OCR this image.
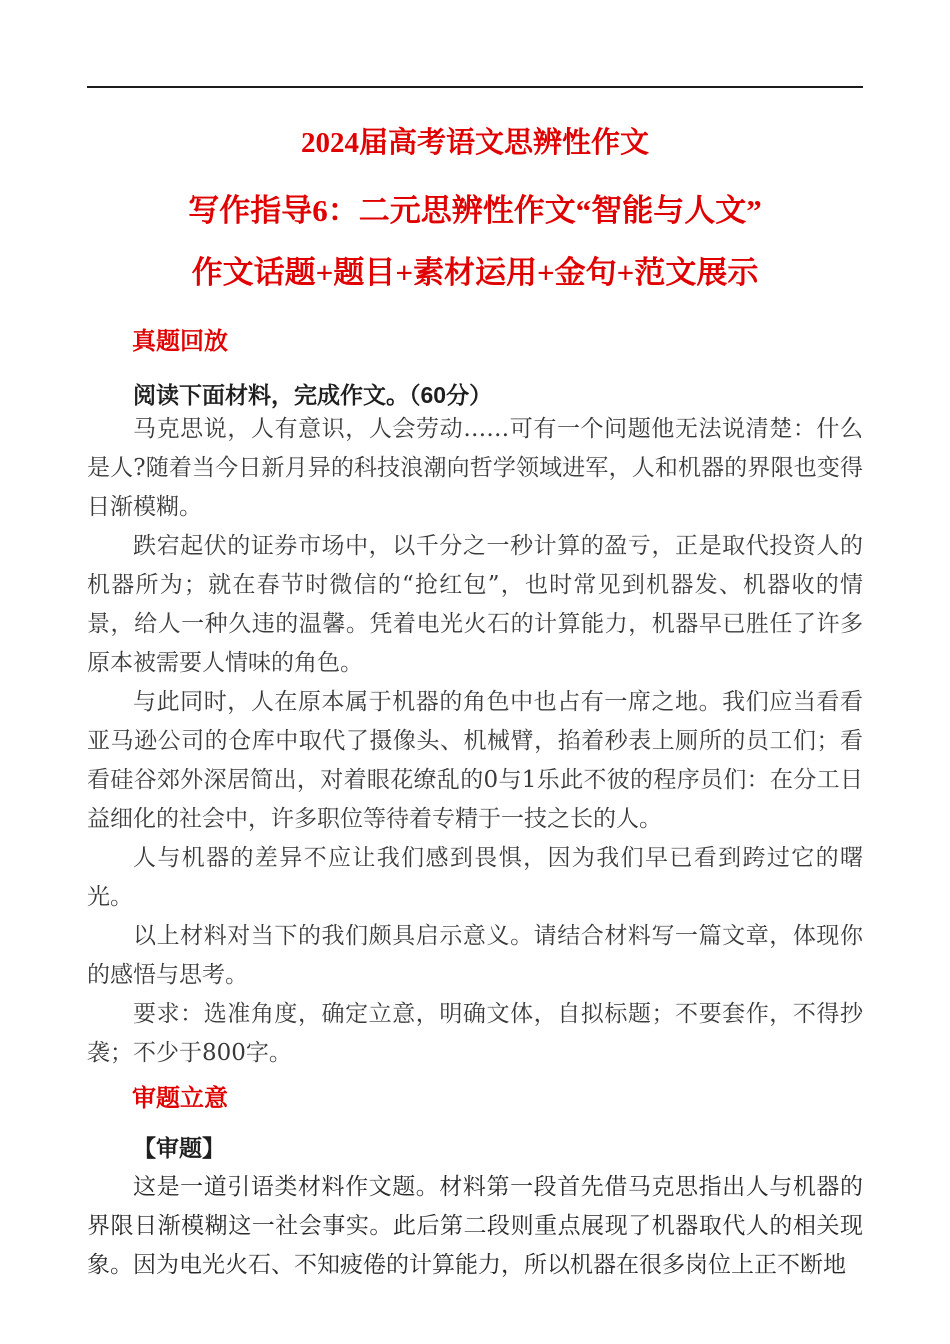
2024届高考语文思辨性作文
写作指导6：二元思辨性作文“智能与人文”
作文话题+题目+素材运用+金句+范文展示
真题回放

阅读下面材料，完成作文。（60分）

马克思说，人有意识，人会劳动……可有一个问题他无法说清楚：什么是人?随着当今日新月异的科技浪潮向哲学领域进军，人和机器的界限也变得日渐模糊。

跌宕起伏的证券市场中，以千分之一秒计算的盈亏，正是取代投资人的机器所为；就在春节时微信的“抢红包”，也时常见到机器发、机器收的情景，给人一种久违的温馨。凭着电光火石的计算能力，机器早已胜任了许多原本被需要人情味的角色。

与此同时，人在原本属于机器的角色中也占有一席之地。我们应当看看亚马逊公司的仓库中取代了摄像头、机械臂，掐着秒表上厕所的员工们；看看硅谷郊外深居简出，对着眼花缭乱的0与1乐此不彼的程序员们：在分工日益细化的社会中，许多职位等待着专精于一技之长的人。

人与机器的差异不应让我们感到畏惧，因为我们早已看到跨过它的曙光。

以上材料对当下的我们颇具启示意义。请结合材料写一篇文章，体现你的感悟与思考。

要求：选准角度，确定立意，明确文体，自拟标题；不要套作，不得抄袭；不少于800字。

审题立意

【审题】

这是一道引语类材料作文题。材料第一段首先借马克思指出人与机器的界限日渐模糊这一社会事实。此后第二段则重点展现了机器取代人的相关现象。因为电光火石、不知疲倦的计算能力，所以机器在很多岗位上正不断地
